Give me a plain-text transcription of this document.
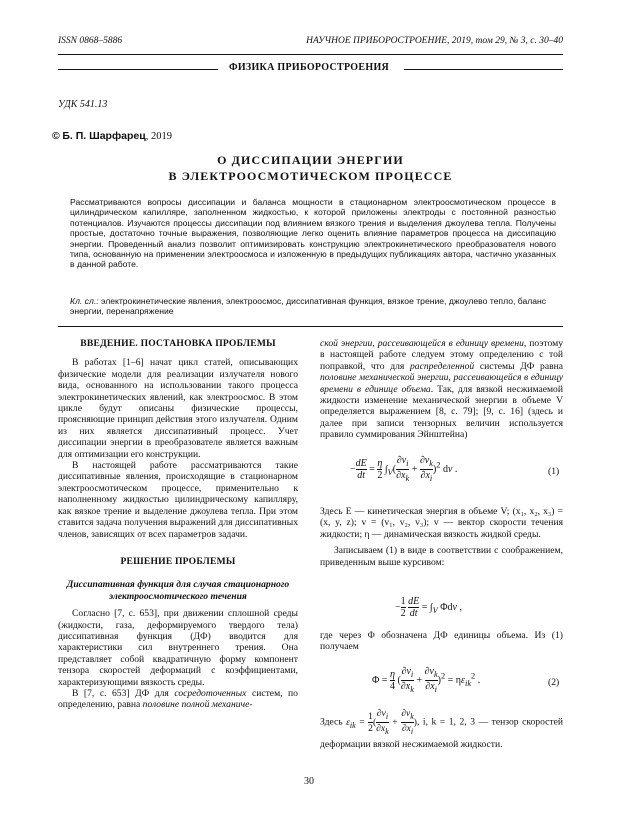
ISSN 0868–5886	НАУЧНОЕ ПРИБОРОСТРОЕНИЕ, 2019, том 29, № 3, с. 30–40
ФИЗИКА ПРИБОРОСТРОЕНИЯ
УДК 541.13
© Б. П. Шарфарец, 2019
О ДИССИПАЦИИ ЭНЕРГИИ
В ЭЛЕКТРООСМОТИЧЕСКОМ ПРОЦЕССЕ
Рассматриваются вопросы диссипации и баланса мощности в стационарном электроосмотическом процессе в цилиндрическом капилляре, заполненном жидкостью, к которой приложены электроды с постоянной разностью потенциалов. Изучаются процессы диссипации под влиянием вязкого трения и выделения джоулева тепла. Получены простые, достаточно точные выражения, позволяющие легко оценить влияние параметров процесса на диссипацию энергии. Проведенный анализ позволит оптимизировать конструкцию электрокинетического преобразователя нового типа, основанную на применении электроосмоса и изложенную в предыдущих публикациях автора, частично указанных в данной работе.
Кл. сл.: электрокинетические явления, электроосмос, диссипативная функция, вязкое трение, джоулево тепло, баланс энергии, перенапряжение
ВВЕДЕНИЕ. ПОСТАНОВКА ПРОБЛЕМЫ

В работах [1–6] начат цикл статей, описывающих физические модели для реализации излучателя нового вида, основанного на использовании такого процесса электрокинетических явлений, как электроосмос. В этом цикле будут описаны физические процессы, проясняющие принцип действия этого излучателя. Одним из них является диссипативный процесс. Учет диссипации энергии в преобразователе является важным для оптимизации его конструкции.

В настоящей работе рассматриваются такие диссипативные явления, происходящие в стационарном электроосмотическом процессе, применительно к наполненному жидкостью цилиндрическому капилляру, как вязкое трение и выделение джоулева тепла. При этом ставится задача получения выражений для диссипативных членов, зависящих от всех параметров задачи.

РЕШЕНИЕ ПРОБЛЕМЫ
Диссипативная функция для случая стационарного электроосмотического течения

Согласно [7, с. 653], при движении сплошной среды (жидкости, газа, деформируемого твердого тела) диссипативная функция (ДФ) вводится для характеристики сил внутреннего трения. Она представляет собой квадратичную форму компонент тензора скоростей деформаций с коэффициентами, характеризующими вязкость среды.

В [7, с. 653] ДФ для сосредоточенных систем, по определению, равна половине полной механиче-

ской энергии, рассеивающейся в единицу времени, поэтому в настоящей работе следуем этому определению с той поправкой, что для распределенной системы ДФ равна половине механической энергии, рассеивающейся в единицу времени в единице объема. Так, для вязкой несжимаемой жидкости изменение механической энергии в объеме V определяется выражением [8, с. 79]; [9, с. 16] (здесь и далее при записи тензорных величин используется правило суммирования Эйнштейна)

− $\frac{dE}{dt} = \frac{\eta}{2} \int_V( \frac{\partial v_i}{\partial x_k} + \frac{\partial v_k}{\partial x_i} )^2$ dv .	(1)

Здесь E — кинетическая энергия в объеме V; (x₁, x₂, x₃) = (x, y, z); v = (v₁, v₂, v₃); v — вектор скорости течения жидкости; η — динамическая вязкость жидкой среды.

Записываем (1) в виде в соответствии с соображением, приведенным выше курсивом:

− $\frac{1}{2}$
$\frac{dE}{dt} = \int_V$ Φdv ,

где через Φ обозначена ДФ единицы объема. Из (1) получаем

$\Phi = \frac{\eta}{4}$ ( $\frac{\partial v_i}{\partial x_k} + \frac{\partial v_k}{\partial x_i} )^2 = \eta\varepsilon_{ik}^2$ .	(2)
Здесь $\varepsilon_{ik} = \frac{1}{2}$ ( $\frac{\partial v_i}{\partial x_k} + \frac{\partial v_k}{\partial x_i}$ ), i, k = 1, 2, 3 — тензор скоростей деформации вязкой несжимаемой жидкости.
30
